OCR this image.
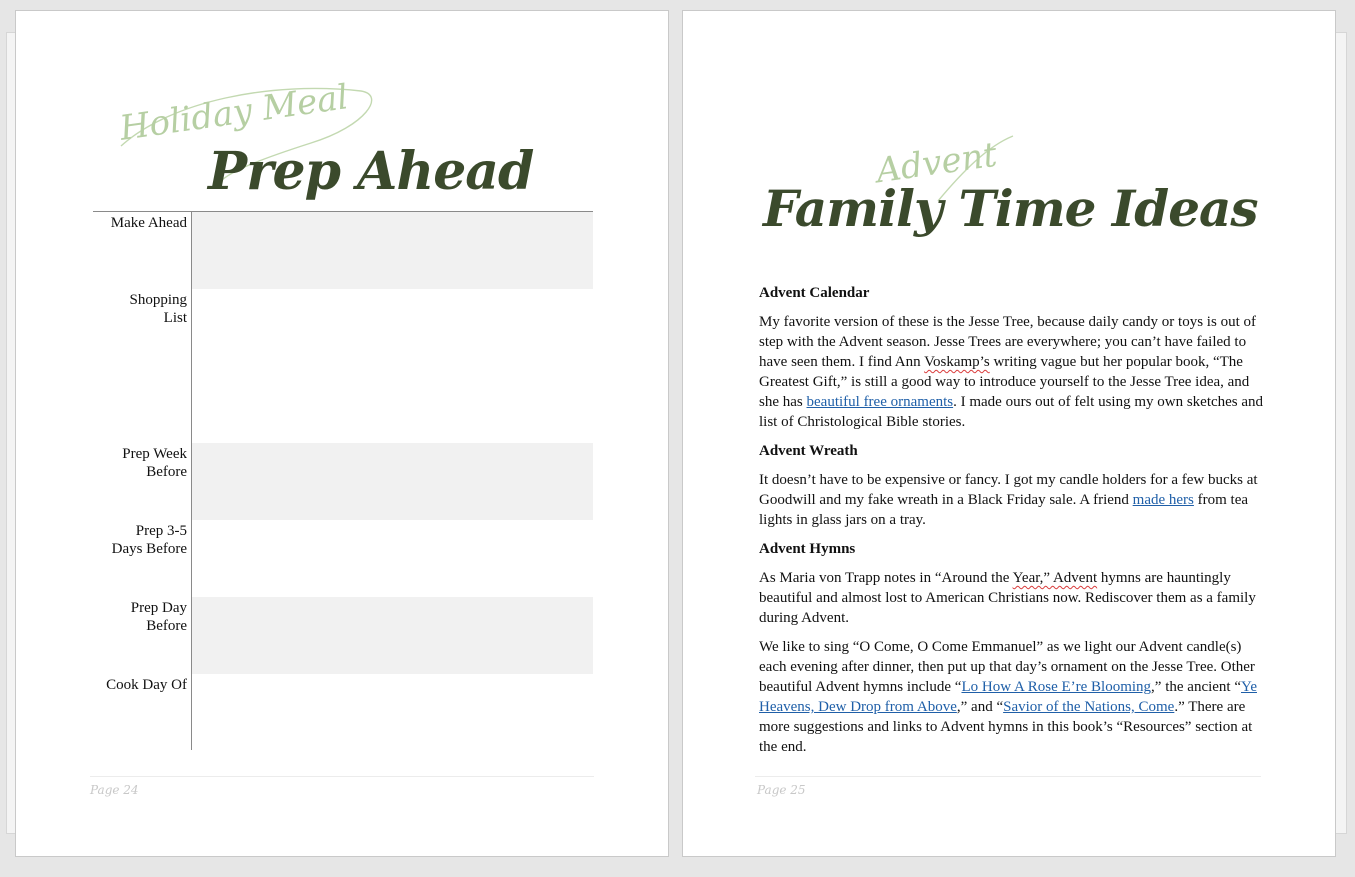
Holiday Meal
Prep Ahead
Make Ahead
Shopping
List
Prep Week
Before
Prep 3-5
Days Before
Prep Day
Before
Cook Day Of
Page 24
Advent
Family Time Ideas
Advent Calendar

My favorite version of these is the Jesse Tree, because daily candy or toys is out of step with the Advent season. Jesse Trees are everywhere; you can’t have failed to have seen them. I find Ann Voskamp’s writing vague but her popular book, “The Greatest Gift,” is still a good way to introduce yourself to the Jesse Tree idea, and she has beautiful free ornaments. I made ours out of felt using my own sketches and list of Christological Bible stories.

Advent Wreath

It doesn’t have to be expensive or fancy. I got my candle holders for a few bucks at Goodwill and my fake wreath in a Black Friday sale. A friend made hers from tea lights in glass jars on a tray.

Advent Hymns

As Maria von Trapp notes in “Around the Year,” Advent hymns are hauntingly beautiful and almost lost to American Christians now. Rediscover them as a family during Advent.

We like to sing “O Come, O Come Emmanuel” as we light our Advent candle(s) each evening after dinner, then put up that day’s ornament on the Jesse Tree. Other beautiful Advent hymns include “Lo How A Rose E’re Blooming,” the ancient “Ye Heavens, Dew Drop from Above,” and “Savior of the Nations, Come.” There are more suggestions and links to Advent hymns in this book’s “Resources” section at the end.

Page 25
